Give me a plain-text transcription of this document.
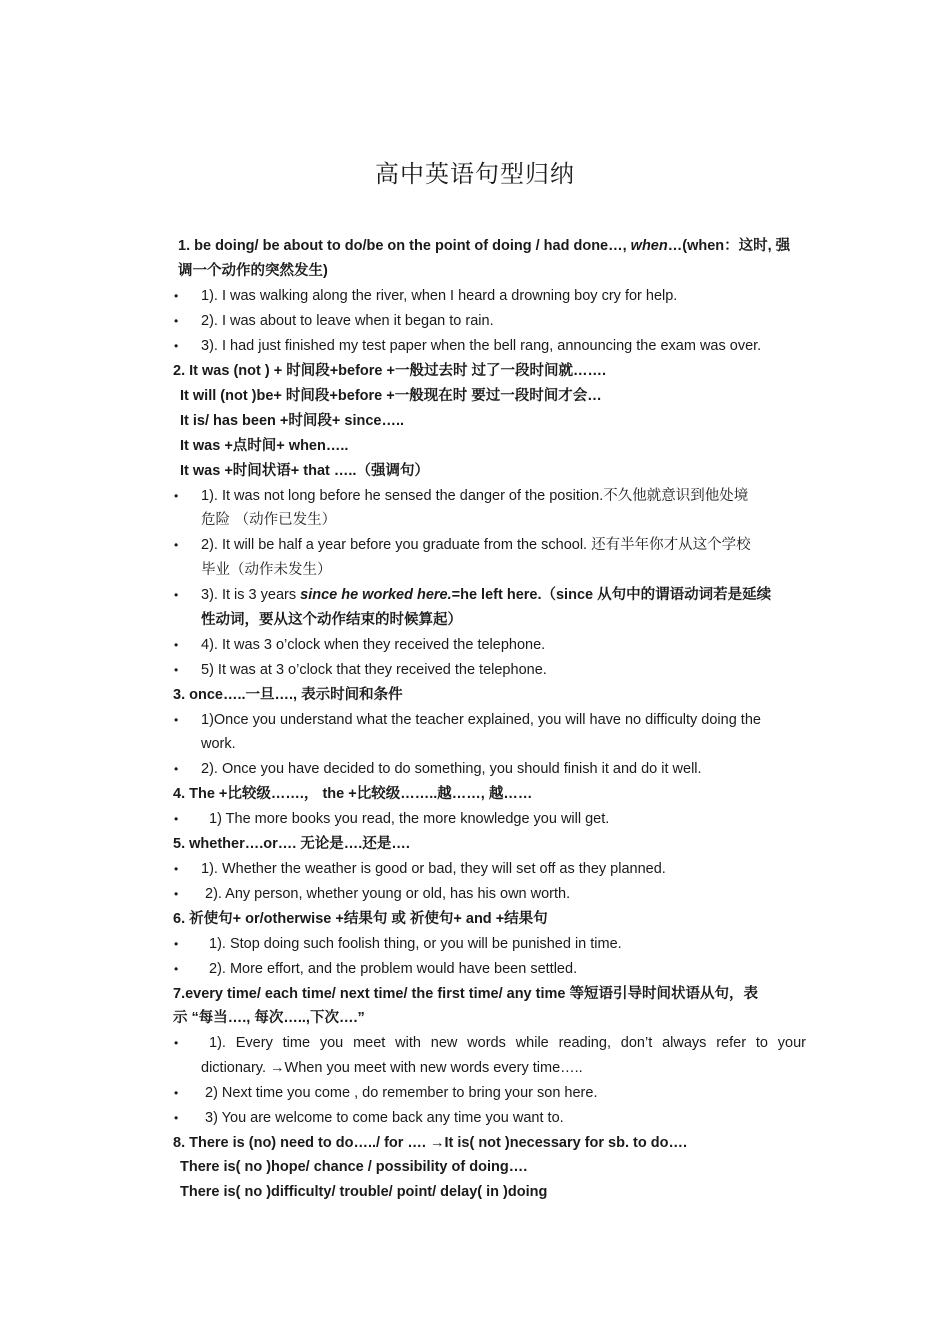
高中英语句型归纳
1. be doing/ be about to do/be on the point of doing / had done…, when…(when：这时, 强
调一个动作的突然发生)
• 1). I was walking along the river, when I heard a drowning boy cry for help.
• 2). I was about to leave when it began to rain.
• 3). I had just finished my test paper when the bell rang, announcing the exam was over.
2. It was (not ) + 时间段+before +一般过去时 过了一段时间就…….
It will (not )be+ 时间段+before +一般现在时 要过一段时间才会…
It is/ has been +时间段+ since…..
It was +点时间+ when…..
It was +时间状语+ that …..（强调句）
• 1). It was not long before he sensed the danger of the position.不久他就意识到他处境
危险 （动作已发生）
• 2). It will be half a year before you graduate from the school. 还有半年你才从这个学校
毕业（动作未发生）
• 3). It is 3 years since he worked here.=he left here.（since 从句中的谓语动词若是延续
性动词，要从这个动作结束的时候算起）
• 4). It was 3 o’clock when they received the telephone.
• 5) It was at 3 o’clock that they received the telephone.
3. once…..一旦…., 表示时间和条件
• 1)Once you understand what the teacher explained, you will have no difficulty doing the
work.
• 2). Once you have decided to do something, you should finish it and do it well.
4. The +比较级…….， the +比较级……..越……, 越……
• 1) The more books you read, the more knowledge you will get.
5. whether….or…. 无论是….还是….
• 1). Whether the weather is good or bad, they will set off as they planned.
• 2). Any person, whether young or old, has his own worth.
6. 祈使句+ or/otherwise +结果句 或 祈使句+ and +结果句
• 1). Stop doing such foolish thing, or you will be punished in time.
• 2). More effort, and the problem would have been settled.
7.every time/ each time/ next time/ the first time/ any time 等短语引导时间状语从句，表
示 “每当…., 每次…..,下次….”
• 1). Every time you meet with new words while reading, don’t always refer to your
dictionary. →When you meet with new words every time…..
• 2) Next time you come , do remember to bring your son here.
• 3) You are welcome to come back any time you want to.
8. There is (no) need to do…../ for …. →It is( not )necessary for sb. to do….
There is( no )hope/ chance / possibility of doing….
There is( no )difficulty/ trouble/ point/ delay( in )doing
